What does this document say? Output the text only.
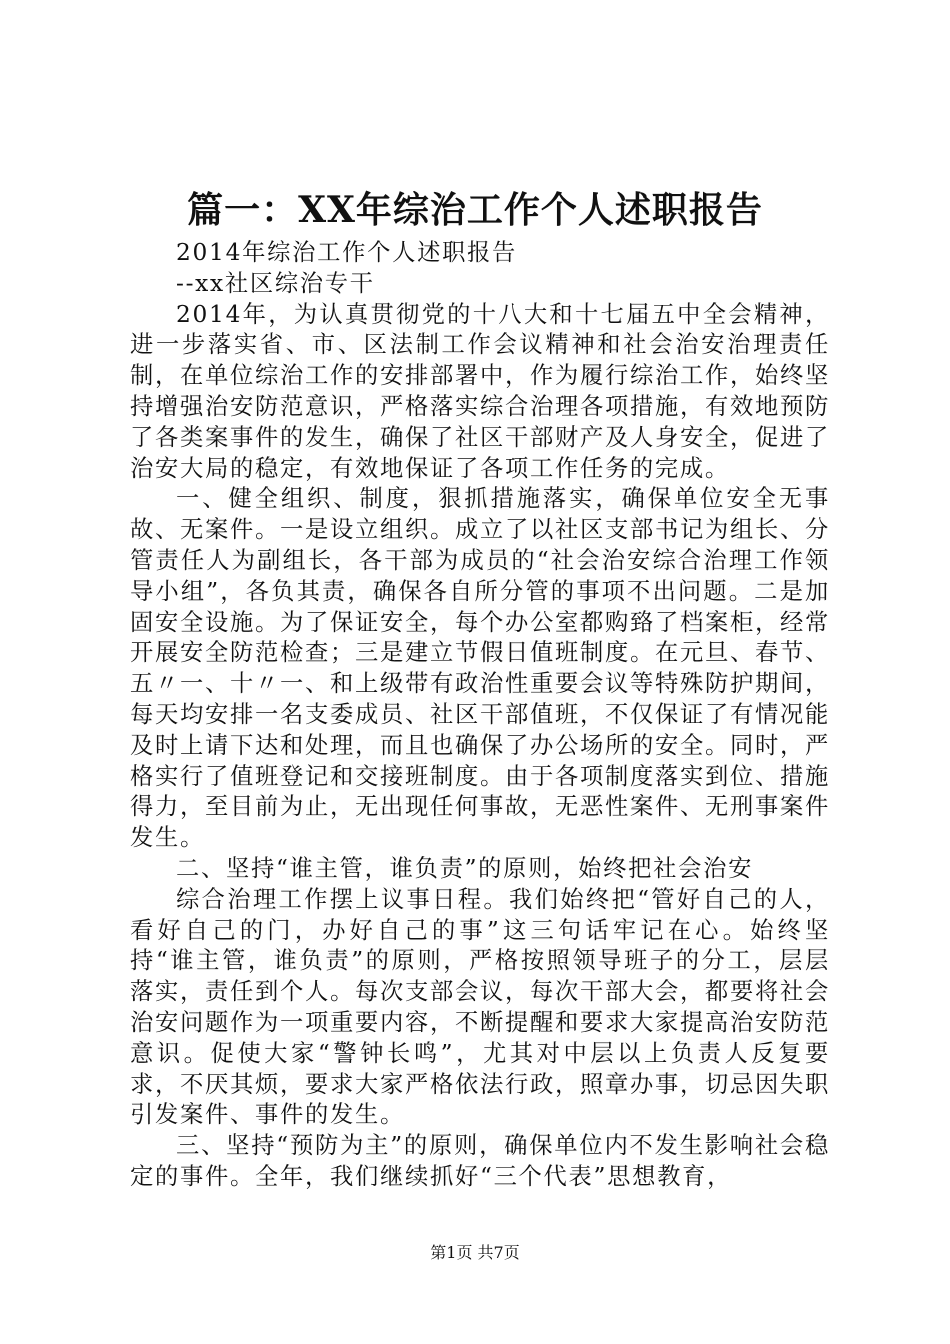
篇一：XX年综治工作个人述职报告

2014年综治工作个人述职报告

--xx社区综治专干

2014年，为认真贯彻党的十八大和十七届五中全会精神，进一步落实省、市、区法制工作会议精神和社会治安治理责任制，在单位综治工作的安排部署中，作为履行综治工作，始终坚持增强治安防范意识，严格落实综合治理各项措施，有效地预防了各类案事件的发生，确保了社区干部财产及人身安全，促进了治安大局的稳定，有效地保证了各项工作任务的完成。

一、健全组织、制度，狠抓措施落实，确保单位安全无事故、无案件。一是设立组织。成立了以社区支部书记为组长、分管责任人为副组长，各干部为成员的“社会治安综合治理工作领导小组”，各负其责，确保各自所分管的事项不出问题。二是加固安全设施。为了保证安全，每个办公室都购臵了档案柜，经常开展安全防范检查；三是建立节假日值班制度。在元旦、春节、五〃一、十〃一、和上级带有政治性重要会议等特殊防护期间，每天均安排一名支委成员、社区干部值班，不仅保证了有情况能及时上请下达和处理，而且也确保了办公场所的安全。同时，严格实行了值班登记和交接班制度。由于各项制度落实到位、措施得力，至目前为止，无出现任何事故，无恶性案件、无刑事案件发生。

二、坚持“谁主管，谁负责”的原则，始终把社会治安

综合治理工作摆上议事日程。我们始终把“管好自己的人，看好自己的门，办好自己的事”这三句话牢记在心。始终坚持“谁主管，谁负责”的原则，严格按照领导班子的分工，层层落实，责任到个人。每次支部会议，每次干部大会，都要将社会治安问题作为一项重要内容，不断提醒和要求大家提高治安防范意识。促使大家“警钟长鸣”，尤其对中层以上负责人反复要求，不厌其烦，要求大家严格依法行政，照章办事，切忌因失职引发案件、事件的发生。

三、坚持“预防为主”的原则，确保单位内不发生影响社会稳定的事件。全年，我们继续抓好“三个代表”思想教育，

第1页 共7页
